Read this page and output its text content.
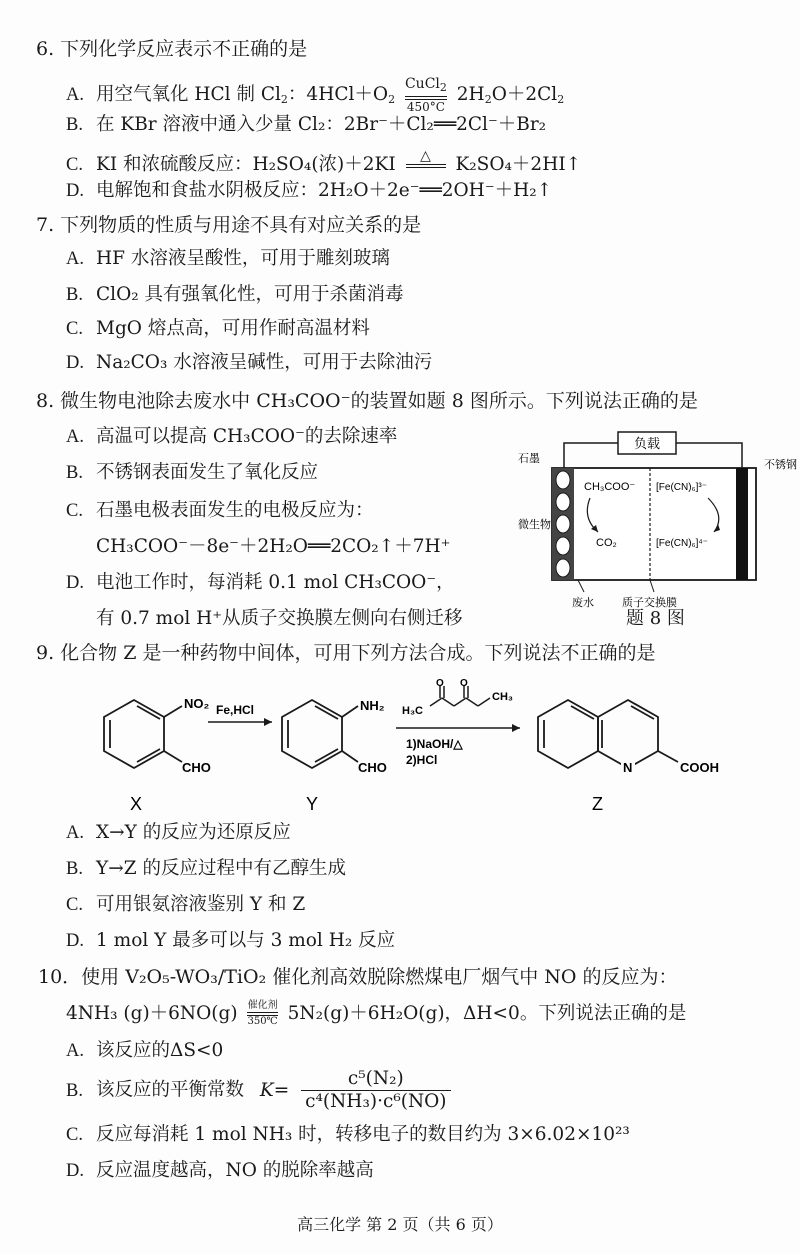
6. 下列化学反应表示不正确的是
A. 用空气氧化 HCl 制 $Cl_2$：$4HCl+O_2$
CuCl$_2$
450°C
$2H_2O+2Cl_2$
B. 在 KBr 溶液中通入少量 Cl₂：2Br⁻＋Cl₂══2Cl⁻＋Br₂
C. KI 和浓硫酸反应：H₂SO₄(浓)＋2KI	△
	K₂SO₄＋2HI↑
D. 电解饱和食盐水阴极反应：2H₂O＋2e⁻══2OH⁻＋H₂↑
7. 下列物质的性质与用途不具有对应关系的是
A. HF 水溶液呈酸性，可用于雕刻玻璃
B. ClO₂ 具有强氧化性，可用于杀菌消毒
C. MgO 熔点高，可用作耐高温材料
D. Na₂CO₃ 水溶液呈碱性，可用于去除油污
8. 微生物电池除去废水中 CH₃COO⁻的装置如题 8 图所示。下列说法正确的是
A. 高温可以提高 CH₃COO⁻的去除速率
B. 不锈钢表面发生了氧化反应
C. 石墨电极表面发生的电极反应为：
CH₃COO⁻－8e⁻＋2H₂O══2CO₂↑＋7H⁺
D. 电池工作时，每消耗 0.1 mol CH₃COO⁻，
有 0.7 mol H⁺从质子交换膜左侧向右侧迁移
负载
石墨
微生物
不锈钢
CH₃COO⁻
CO₂
[Fe(CN)₆]³⁻
[Fe(CN)₆]⁴⁻
废水	质子交换膜
题 8 图
9. 化合物 Z 是一种药物中间体，可用下列方法合成。下列说法不正确的是
NO₂
CHO
X
Fe,HCl	NH₂
CHO
Y
H₃C
O O
CH₃
1)NaOH/△
2)HCl	N	COOH
Z
A. X→Y 的反应为还原反应
B. Y→Z 的反应过程中有乙醇生成
C. 可用银氨溶液鉴别 Y 和 Z
D. 1 mol Y 最多可以与 3 mol H₂ 反应
10．使用 V₂O₅-WO₃/TiO₂ 催化剂高效脱除燃煤电厂烟气中 NO 的反应为：
4NH₃ (g)＋6NO(g) 催化剂
350℃ 5N₂(g)＋6H₂O(g)，ΔH<0。下列说法正确的是
A. 该反应的ΔS<0
B. 该反应的平衡常数 $K= \frac{\text{c⁵(N₂)}}{\text{c⁴(NH₃)·c⁶(NO)}}$
C. 反应每消耗 1 mol NH₃ 时，转移电子的数目约为 3×6.02×10²³
D. 反应温度越高，NO 的脱除率越高
高三化学 第 2 页（共 6 页）
